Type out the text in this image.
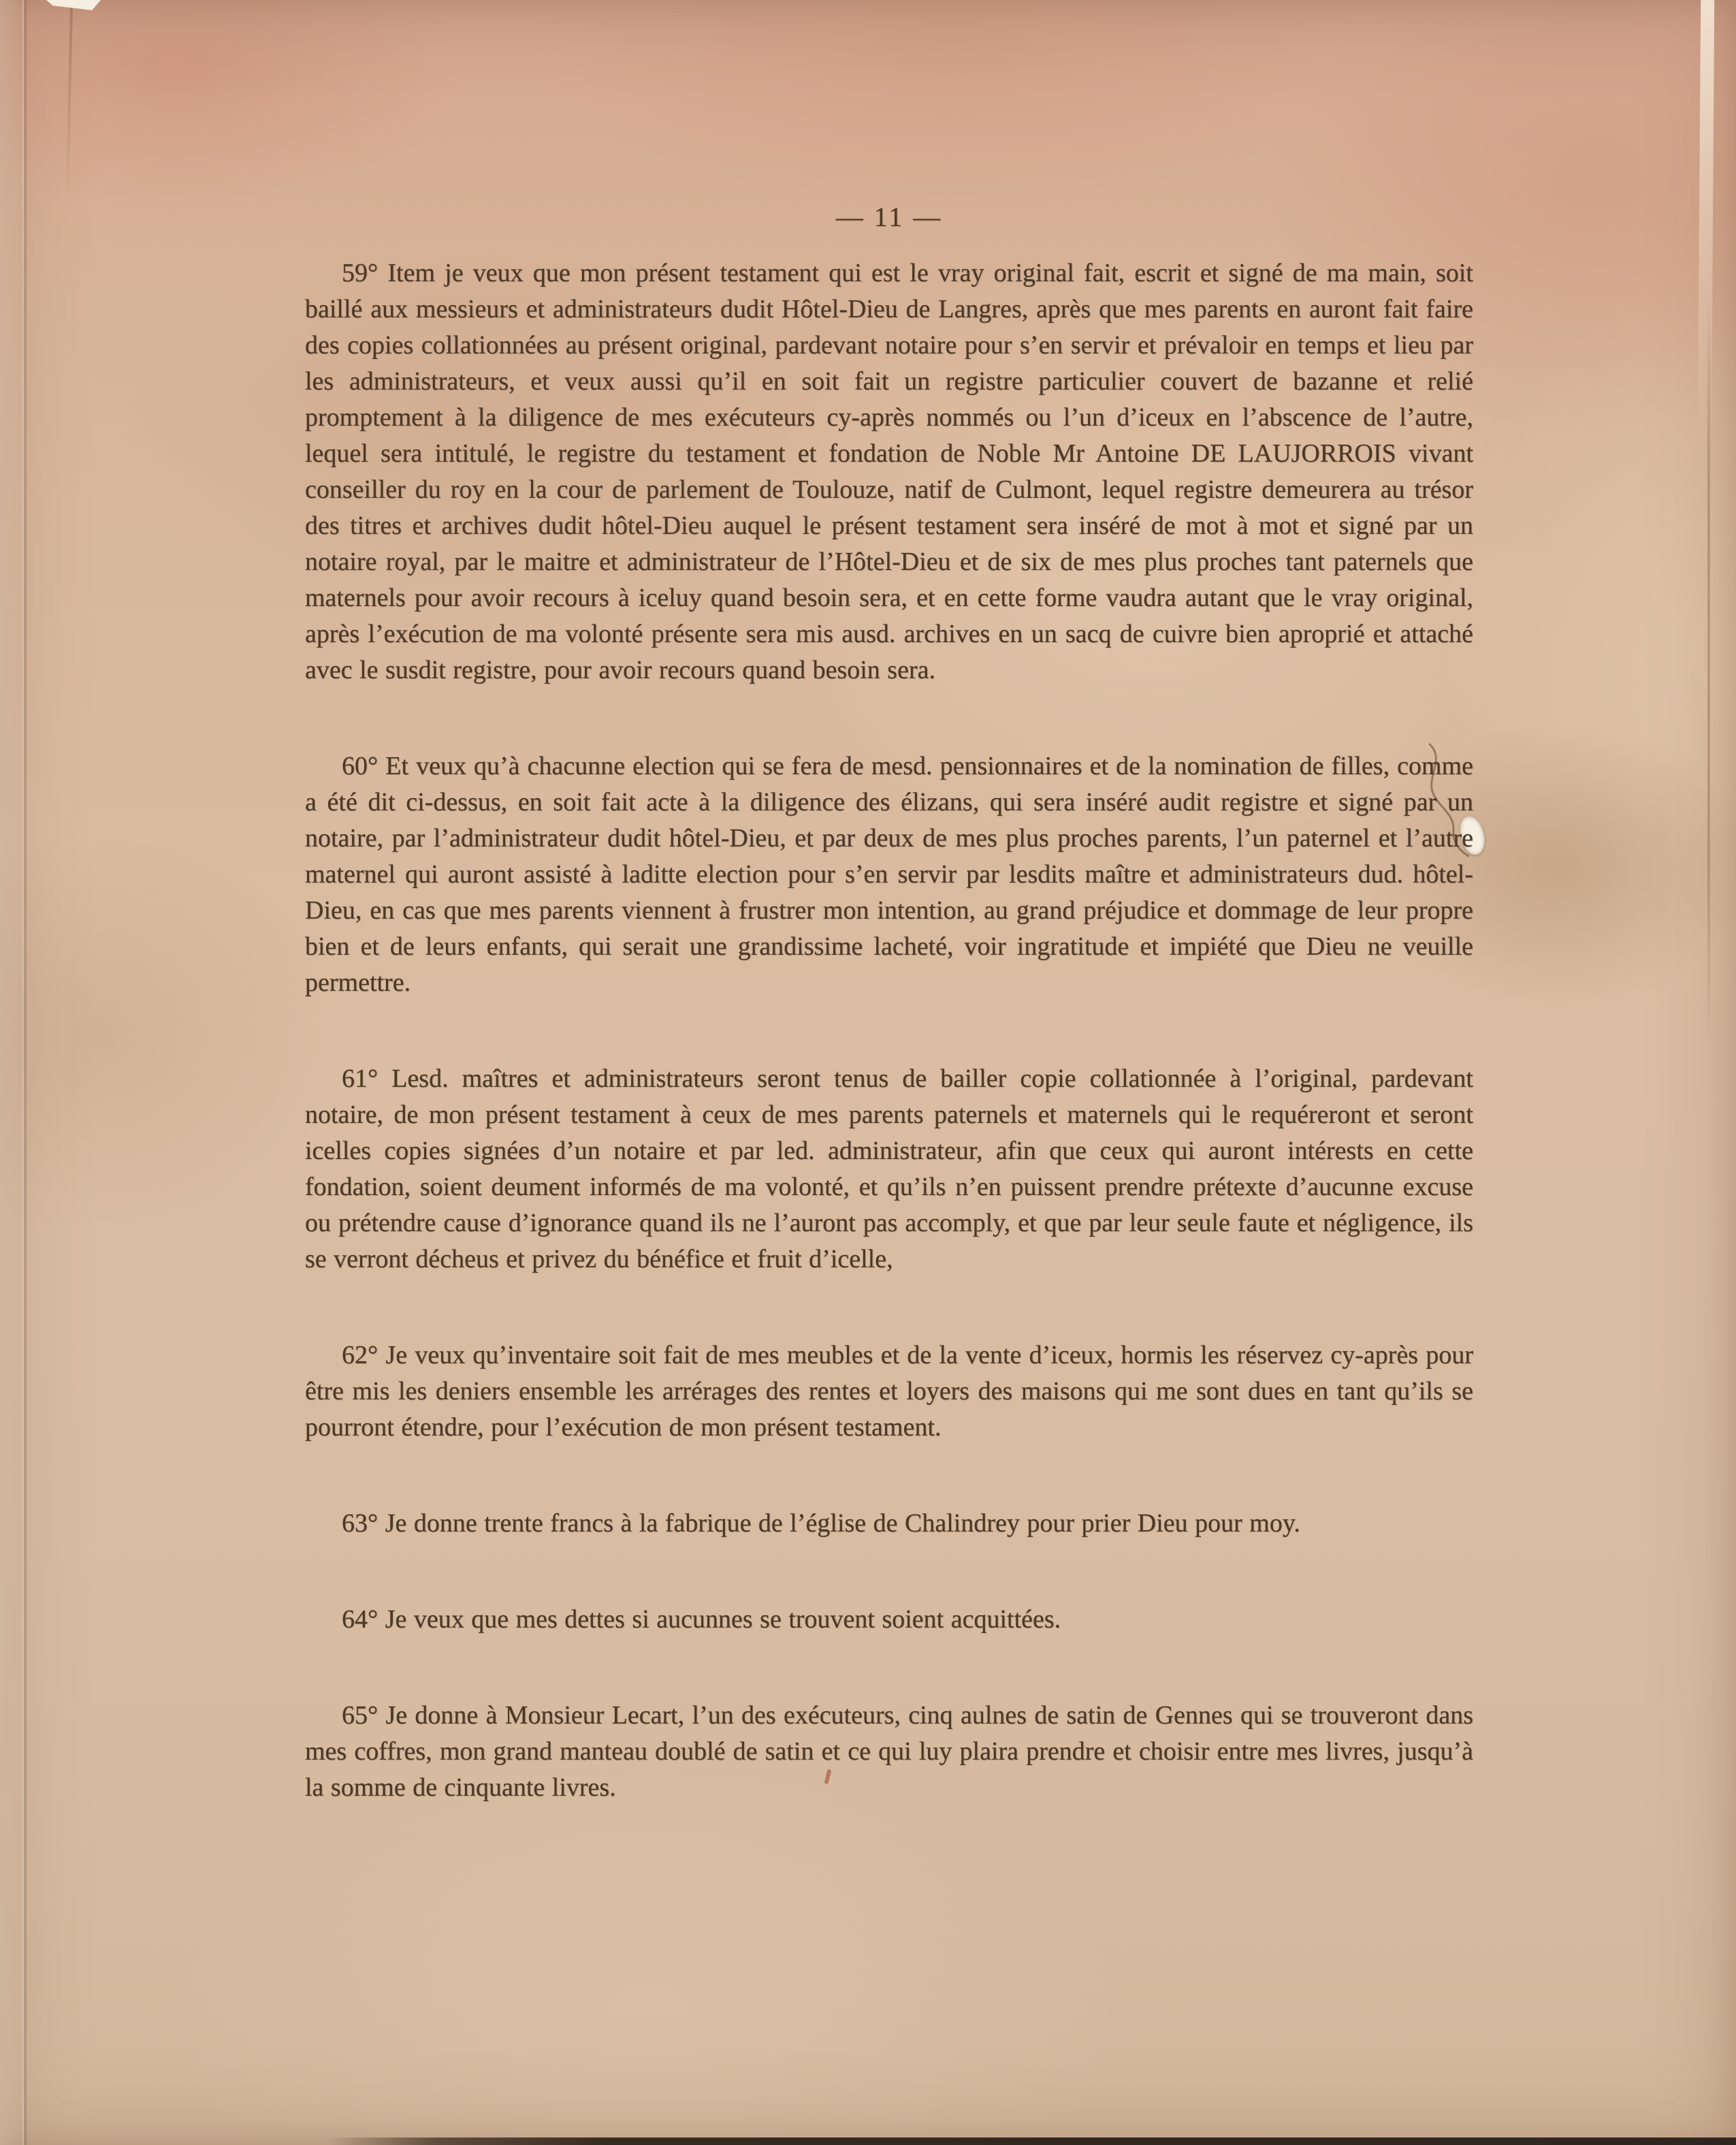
— 11 —

59° Item je veux que mon présent testament qui est le vray original fait, escrit et signé de ma main, soit baillé aux messieurs et administrateurs dudit Hôtel-Dieu de Langres, après que mes parents en auront fait faire des copies collationnées au présent original, pardevant notaire pour s’en servir et prévaloir en temps et lieu par les administrateurs, et veux aussi qu’il en soit fait un registre particulier couvert de bazanne et relié promptement à la diligence de mes exécuteurs cy-après nommés ou l’un d’iceux en l’abscence de l’autre, lequel sera intitulé, le registre du testament et fondation de Noble Mr Antoine DE LAUJORROIS vivant conseiller du roy en la cour de parlement de Toulouze, natif de Culmont, lequel registre demeurera au trésor des titres et archives dudit hôtel-Dieu auquel le présent testament sera inséré de mot à mot et signé par un notaire royal, par le maitre et administrateur de l’Hôtel-Dieu et de six de mes plus proches tant paternels que maternels pour avoir recours à iceluy quand besoin sera, et en cette forme vaudra autant que le vray original, après l’exécution de ma volonté présente sera mis ausd. archives en un sacq de cuivre bien aproprié et attaché avec le susdit registre, pour avoir recours quand besoin sera.

60° Et veux qu’à chacunne election qui se fera de mesd. pensionnaires et de la nomination de filles, comme a été dit ci-dessus, en soit fait acte à la diligence des élizans, qui sera inséré audit registre et signé par un notaire, par l’administrateur dudit hôtel-Dieu, et par deux de mes plus proches parents, l’un paternel et l’autre maternel qui auront assisté à laditte election pour s’en servir par lesdits maître et administrateurs dud. hôtel-Dieu, en cas que mes parents viennent à frustrer mon intention, au grand préjudice et dommage de leur propre bien et de leurs enfants, qui serait une grandissime lacheté, voir ingratitude et impiété que Dieu ne veuille permettre.

61° Lesd. maîtres et administrateurs seront tenus de bailler copie collationnée à l’original, pardevant notaire, de mon présent testament à ceux de mes parents paternels et maternels qui le requéreront et seront icelles copies signées d’un notaire et par led. administrateur, afin que ceux qui auront intérests en cette fondation, soient deument informés de ma volonté, et qu’ils n’en puissent prendre prétexte d’aucunne excuse ou prétendre cause d’ignorance quand ils ne l’auront pas accomply, et que par leur seule faute et négligence, ils se verront décheus et privez du bénéfice et fruit d’icelle,

62° Je veux qu’inventaire soit fait de mes meubles et de la vente d’iceux, hormis les réservez cy-après pour être mis les deniers ensemble les arrérages des rentes et loyers des maisons qui me sont dues en tant qu’ils se pourront étendre, pour l’exécution de mon présent testament.

63° Je donne trente francs à la fabrique de l’église de Chalindrey pour prier Dieu pour moy.

64° Je veux que mes dettes si aucunnes se trouvent soient acquittées.

65° Je donne à Monsieur Lecart, l’un des exécuteurs, cinq aulnes de satin de Gennes qui se trouveront dans mes coffres, mon grand manteau doublé de satin et ce qui luy plaira prendre et choisir entre mes livres, jusqu’à la somme de cinquante livres.
